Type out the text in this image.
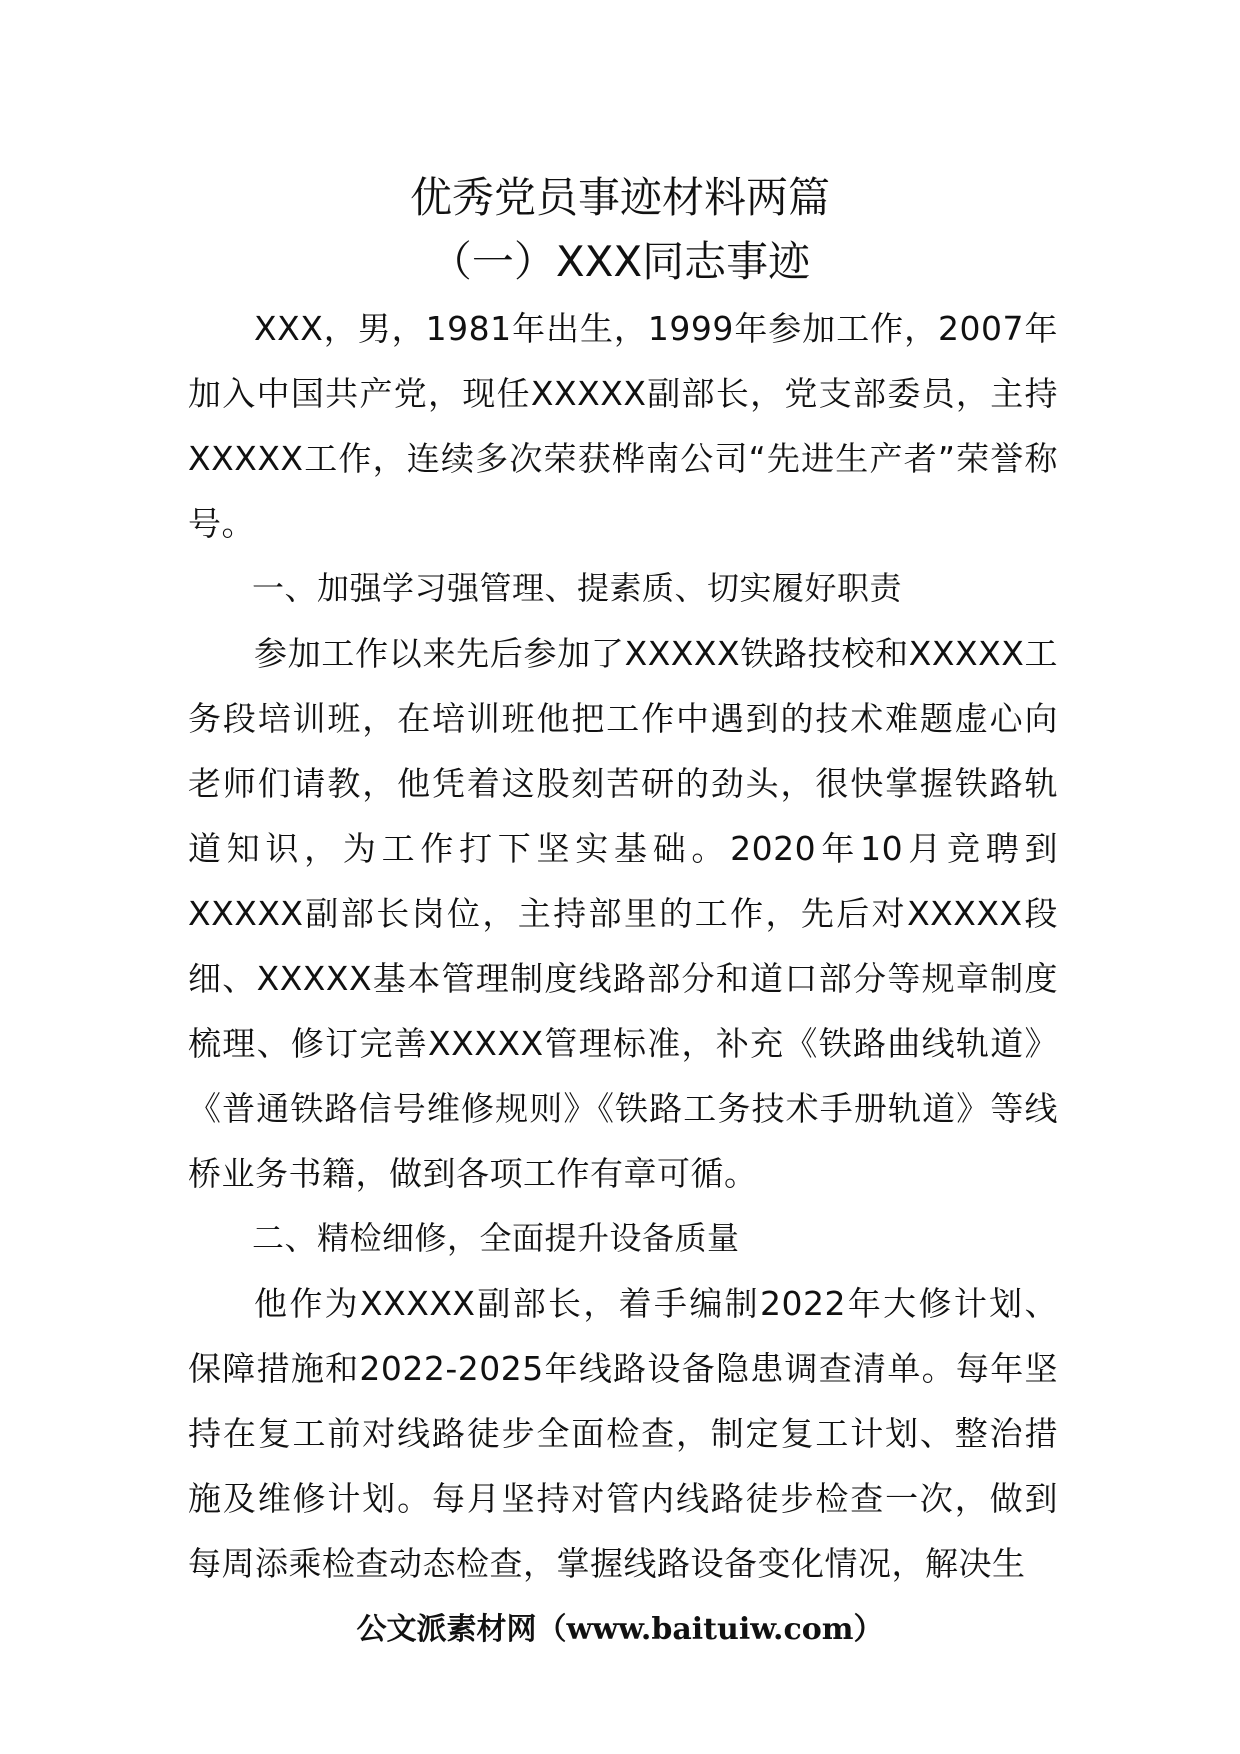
优秀党员事迹材料两篇
（一）XXX同志事迹

XXX，男，1981年出生，1999年参加工作，2007年加入中国共产党，现任XXXXX副部长，党支部委员，主持XXXXX工作，连续多次荣获桦南公司“先进生产者”荣誉称号。

一、加强学习强管理、提素质、切实履好职责

参加工作以来先后参加了XXXXX铁路技校和XXXXX工务段培训班，在培训班他把工作中遇到的技术难题虚心向老师们请教，他凭着这股刻苦研的劲头，很快掌握铁路轨道知识，为工作打下坚实基础。2020年10月竞聘到XXXXX副部长岗位，主持部里的工作，先后对XXXXX段细、XXXXX基本管理制度线路部分和道口部分等规章制度梳理、修订完善XXXXX管理标准，补充《铁路曲线轨道》《普通铁路信号维修规则》《铁路工务技术手册轨道》等线桥业务书籍，做到各项工作有章可循。

二、精检细修，全面提升设备质量

他作为XXXXX副部长，着手编制2022年大修计划、保障措施和2022-2025年线路设备隐患调查清单。每年坚持在复工前对线路徒步全面检查，制定复工计划、整治措施及维修计划。每月坚持对管内线路徒步检查一次，做到每周添乘检查动态检查，掌握线路设备变化情况，解决生

公文派素材网（www.baituiw.com）
